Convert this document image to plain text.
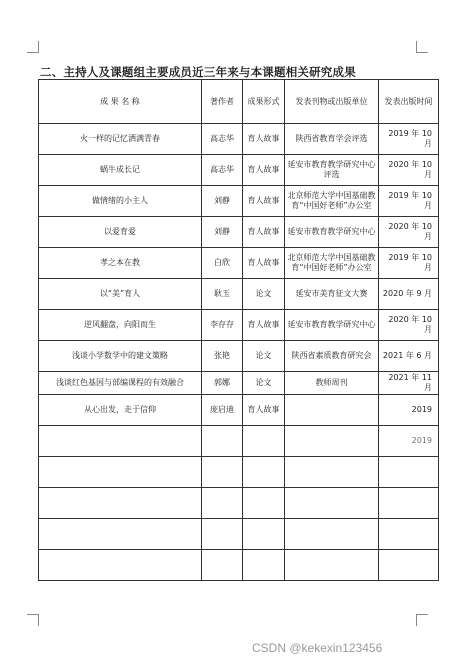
二、主持人及课题组主要成员近三年来与本课题相关研究成果
成 果 名 称	著作者	成果形式	发表刊物或出版单位	发表出版时间
火一样的记忆洒满青春	高志华	育人故事	陕西省教育学会评选	2019 年 10 月
蜗牛成长记	高志华	育人故事	延安市教育教学研究中心评选	2020 年 10 月
做情绪的小主人	刘静	育人故事	北京师范大学中国基础教育“中国好老师”办公室	2019 年 10 月
以爱育爱	刘静	育人故事	延安市教育教学研究中心	2020 年 10 月
孝之本在教	白欣	育人故事	北京师范大学中国基础教育“中国好老师”办公室	2019 年 10 月
以“美”育人	耿玉	论文	延安市美育征文大赛	2020 年 9 月
逆风翻盘，向阳而生	李存存	育人故事	延安市教育教学研究中心	2020 年 10 月
浅谈小学数学中的建文策略	张艳	论文	陕西省素质教育研究会	2021 年 6 月
浅谈红色基因与部编课程的有效融合	郭娜	论文	教师周刊	2021 年 11 月
从心出发，走于信仰	庞启迪	育人故事		2019
				2019

CSDN @kekexin123456
